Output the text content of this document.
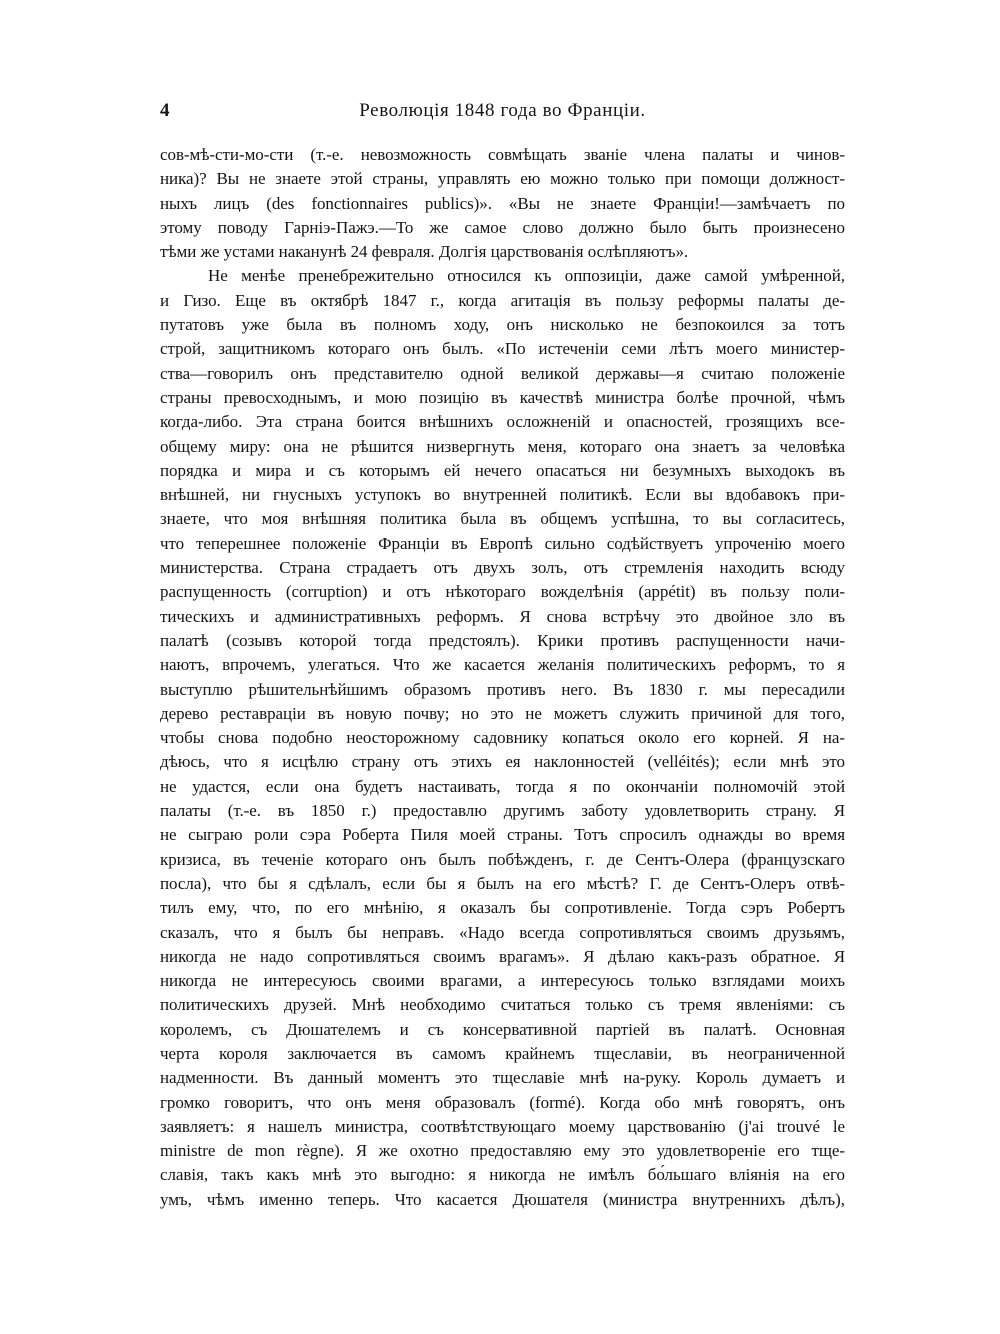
4	Революція 1848 года во Франціи.
сов-мѣ-сти-мо-сти (т.-е. невозможность совмѣщать званіе члена палаты и чинов-
ника)? Вы не знаете этой страны, управлять ею можно только при помощи должност-
ныхъ лицъ (des fonctionnaires publics)». «Вы не знаете Франціи!—замѣчаетъ по
этому поводу Гарніэ-Пажэ.—То же самое слово должно было быть произнесено
тѣми же устами наканунѣ 24 февраля. Долгія царствованія ослѣпляютъ».
Не менѣе пренебрежительно относился къ оппозиціи, даже самой умѣренной,
и Гизо. Еще въ октябрѣ 1847 г., когда агитація въ пользу реформы палаты де-
путатовъ уже была въ полномъ ходу, онъ нисколько не безпокоился за тотъ
строй, защитникомъ котораго онъ былъ. «По истеченіи семи лѣтъ моего министер-
ства—говорилъ онъ представителю одной великой державы—я считаю положеніе
страны превосходнымъ, и мою позицію въ качествѣ министра болѣе прочной, чѣмъ
когда-либо. Эта страна боится внѣшнихъ осложненій и опасностей, грозящихъ все-
общему миру: она не рѣшится низвергнуть меня, котораго она знаетъ за человѣка
порядка и мира и съ которымъ ей нечего опасаться ни безумныхъ выходокъ въ
внѣшней, ни гнусныхъ уступокъ во внутренней политикѣ. Если вы вдобавокъ при-
знаете, что моя внѣшняя политика была въ общемъ успѣшна, то вы согласитесь,
что теперешнее положеніе Франціи въ Европѣ сильно содѣйствуетъ упроченію моего
министерства. Страна страдаетъ отъ двухъ золъ, отъ стремленія находить всюду
распущенность (corruption) и отъ нѣкотораго вожделѣнія (appétit) въ пользу поли-
тическихъ и административныхъ реформъ. Я снова встрѣчу это двойное зло въ
палатѣ (созывъ которой тогда предстоялъ). Крики противъ распущенности начи-
наютъ, впрочемъ, улегаться. Что же касается желанія политическихъ реформъ, то я
выступлю рѣшительнѣйшимъ образомъ противъ него. Въ 1830 г. мы пересадили
дерево реставраціи въ новую почву; но это не можетъ служить причиной для того,
чтобы снова подобно неосторожному садовнику копаться около его корней. Я на-
дѣюсь, что я исцѣлю страну отъ этихъ ея наклонностей (velléités); если мнѣ это
не удастся, если она будетъ настаивать, тогда я по окончаніи полномочій этой
палаты (т.-е. въ 1850 г.) предоставлю другимъ заботу удовлетворить страну. Я
не сыграю роли сэра Роберта Пиля моей страны. Тотъ спросилъ однажды во время
кризиса, въ теченіе котораго онъ былъ побѣжденъ, г. де Сентъ-Олера (французскаго
посла), что бы я сдѣлалъ, если бы я былъ на его мѣстѣ? Г. де Сентъ-Олеръ отвѣ-
тилъ ему, что, по его мнѣнію, я оказалъ бы сопротивленіе. Тогда сэръ Робертъ
сказалъ, что я былъ бы неправъ. «Надо всегда сопротивляться своимъ друзьямъ,
никогда не надо сопротивляться своимъ врагамъ». Я дѣлаю какъ-разъ обратное. Я
никогда не интересуюсь своими врагами, а интересуюсь только взглядами моихъ
политическихъ друзей. Мнѣ необходимо считаться только съ тремя явленіями: съ
королемъ, съ Дюшателемъ и съ консервативной партіей въ палатѣ. Основная
черта короля заключается въ самомъ крайнемъ тщеславіи, въ неограниченной
надменности. Въ данный моментъ это тщеславіе мнѣ на-руку. Король думаетъ и
громко говоритъ, что онъ меня образовалъ (formé). Когда обо мнѣ говорятъ, онъ
заявляетъ: я нашелъ министра, соотвѣтствующаго моему царствованію (j'ai trouvé le
ministre de mon règne). Я же охотно предоставляю ему это удовлетвореніе его тще-
славія, такъ какъ мнѣ это выгодно: я никогда не имѣлъ бо́льшаго вліянія на его
умъ, чѣмъ именно теперь. Что касается Дюшателя (министра внутреннихъ дѣлъ),
